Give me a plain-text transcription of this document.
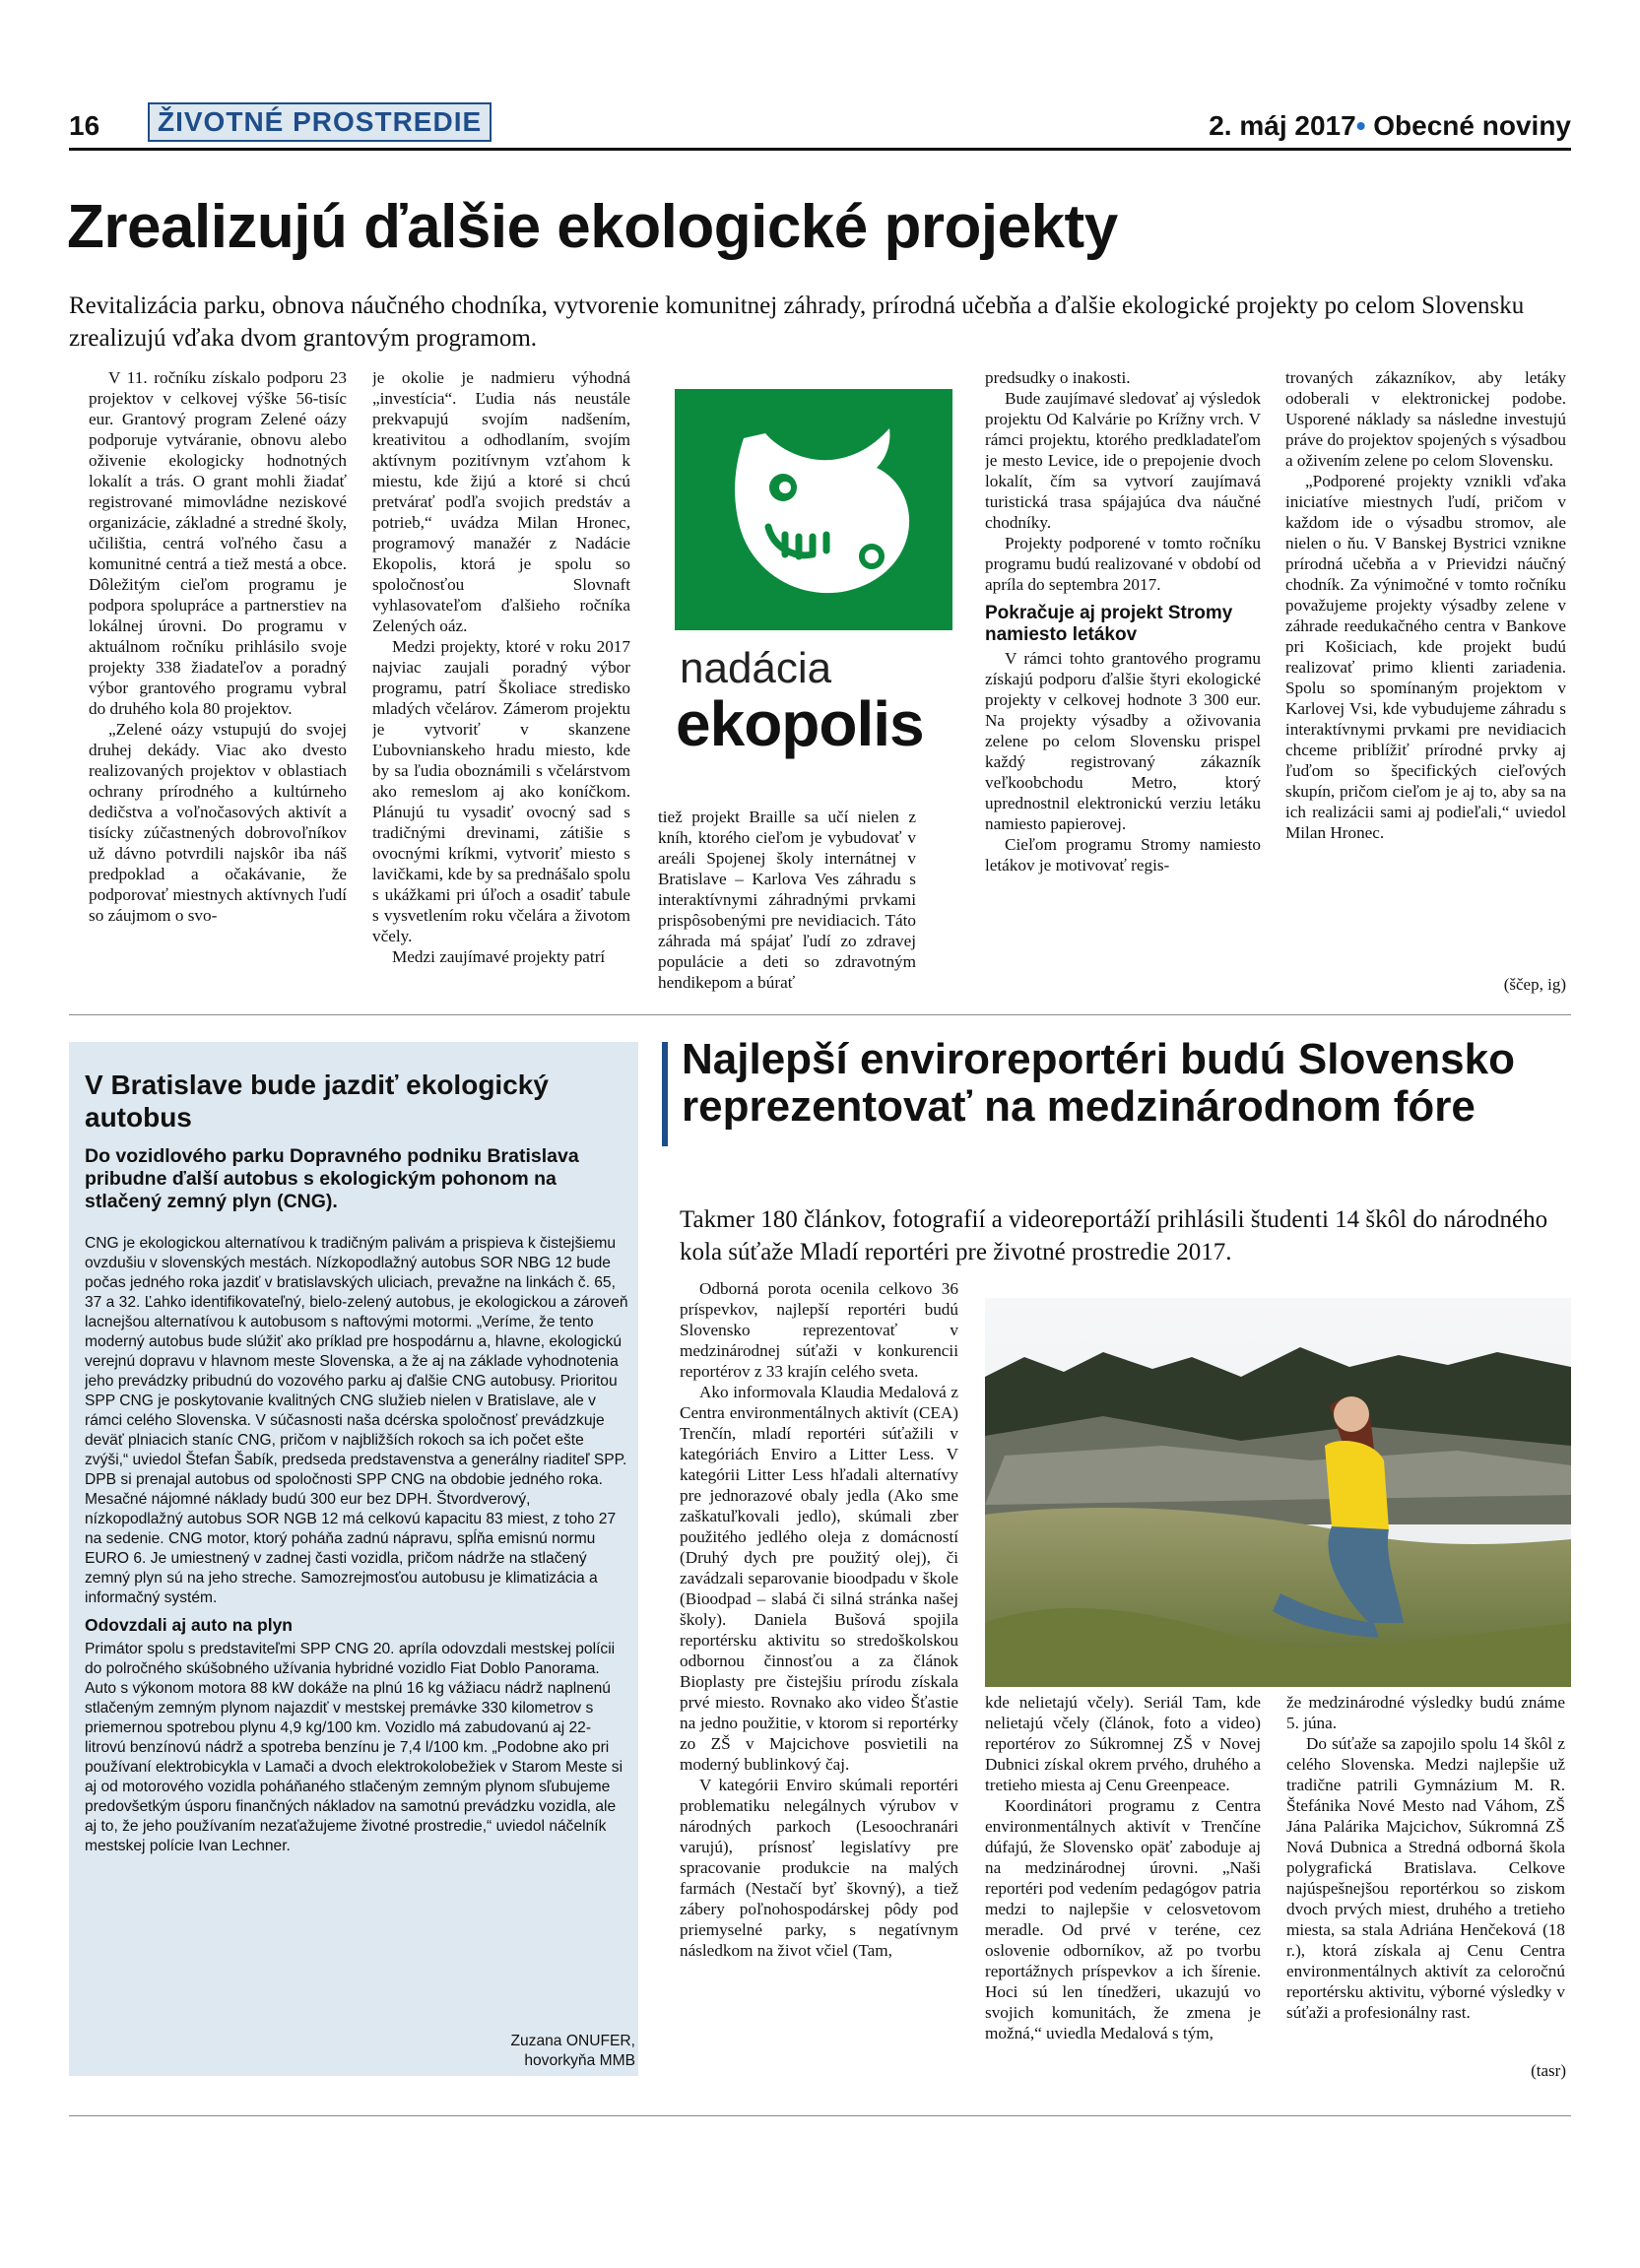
16	ŽIVOTNÉ PROSTREDIE	2. máj 2017• Obecné noviny
Zrealizujú ďalšie ekologické projekty
Revitalizácia parku, obnova náučného chodníka, vytvorenie komunitnej záhrady, prírodná učebňa a ďalšie ekologické projekty po celom Slovensku zrealizujú vďaka dvom grantovým programom.

V 11. ročníku získalo podporu 23 projektov v celkovej výške 56-tisíc eur. Grantový program Zelené oázy podporuje vytváranie, obnovu alebo oživenie ekologicky hodnotných lokalít a trás. O grant mohli žiadať registrované mimovládne neziskové organizácie, základné a stredné školy, učilištia, centrá voľného času a komunitné centrá a tiež mestá a obce. Dôležitým cieľom programu je podpora spolupráce a partnerstiev na lokálnej úrovni. Do programu v aktuálnom ročníku prihlásilo svoje projekty 338 žiadateľov a poradný výbor grantového programu vybral do druhého kola 80 projektov.

„Zelené oázy vstupujú do svojej druhej dekády. Viac ako dvesto realizovaných projektov v oblastiach ochrany prírodného a kultúrneho dedičstva a voľnočasových aktivít a tisícky zúčastnených dobrovoľníkov už dávno potvrdili najskôr iba náš predpoklad a očakávanie, že podporovať miestnych aktívnych ľudí so záujmom o svo-

je okolie je nadmieru výhodná „investícia“. Ľudia nás neustále prekvapujú svojím nadšením, kreativitou a odhodlaním, svojím aktívnym pozitívnym vzťahom k miestu, kde žijú a ktoré si chcú pretvárať podľa svojich predstáv a potrieb,“ uvádza Milan Hronec, programový manažér z Nadácie Ekopolis, ktorá je spolu so spoločnosťou Slovnaft vyhlasovateľom ďalšieho ročníka Zelených oáz.

Medzi projekty, ktoré v roku 2017 najviac zaujali poradný výbor programu, patrí Školiace stredisko mladých včelárov. Zámerom projektu je vytvoriť v skanzene Ľubovnianskeho hradu miesto, kde by sa ľudia oboznámili s včelárstvom ako remeslom aj ako koníčkom. Plánujú tu vysadiť ovocný sad s tradičnými drevinami, zátišie s ovocnými kríkmi, vytvoriť miesto s lavičkami, kde by sa prednášalo spolu s ukážkami pri úľoch a osadiť tabule s vysvetlením roku včelára a životom včely.

Medzi zaujímavé projekty patrí

nadácia
ekopolis

tiež projekt Braille sa učí nielen z kníh, ktorého cieľom je vybudovať v areáli Spojenej školy internátnej v Bratislave – Karlova Ves záhradu s interaktívnymi záhradnými prvkami prispôsobenými pre nevidiacich. Táto záhrada má spájať ľudí zo zdravej populácie a deti so zdravotným hendikepom a búrať

predsudky o inakosti.

Bude zaujímavé sledovať aj výsledok projektu Od Kalvárie po Krížny vrch. V rámci projektu, ktorého predkladateľom je mesto Levice, ide o prepojenie dvoch lokalít, čím sa vytvorí zaujímavá turistická trasa spájajúca dva náučné chodníky.

Projekty podporené v tomto ročníku programu budú realizované v období od apríla do septembra 2017.

Pokračuje aj projekt Stromy namiesto letákov

V rámci tohto grantového programu získajú podporu ďalšie štyri ekologické projekty v celkovej hodnote 3 300 eur. Na projekty výsadby a oživovania zelene po celom Slovensku prispel každý registrovaný zákazník veľkoobchodu Metro, ktorý uprednostnil elektronickú verziu letáku namiesto papierovej.

Cieľom programu Stromy namiesto letákov je motivovať regis-

trovaných zákazníkov, aby letáky odoberali v elektronickej podobe. Usporené náklady sa následne investujú práve do projektov spojených s výsadbou a oživením zelene po celom Slovensku.

„Podporené projekty vznikli vďaka iniciatíve miestnych ľudí, pričom v každom ide o výsadbu stromov, ale nielen o ňu. V Banskej Bystrici vznikne prírodná učebňa a v Prievidzi náučný chodník. Za výnimočné v tomto ročníku považujeme projekty výsadby zelene v záhrade reedukačného centra v Bankove pri Košiciach, kde projekt budú realizovať primo klienti zariadenia. Spolu so spomínaným projektom v Karlovej Vsi, kde vybudujeme záhradu s interaktívnymi prvkami pre nevidiacich chceme priblížiť prírodné prvky aj ľuďom so špecifických cieľových skupín, pričom cieľom je aj to, aby sa na ich realizácii sami aj podieľali,“ uviedol Milan Hronec.

(ščep, ig)
V Bratislave bude jazdiť ekologický autobus
Do vozidlového parku Dopravného podniku Bratislava pribudne ďalší autobus s ekologickým pohonom na stlačený zemný plyn (CNG).

CNG je ekologickou alternatívou k tradičným palivám a prispieva k čistejšiemu ovzdušiu v slovenských mestách. Nízkopodlažný autobus SOR NBG 12 bude počas jedného roka jazdiť v bratislavských uliciach, prevažne na linkách č. 65, 37 a 32. Ľahko identifikovateľný, bielo-zelený autobus, je ekologickou a zároveň lacnejšou alternatívou k autobusom s naftovými motormi. „Veríme, že tento moderný autobus bude slúžiť ako príklad pre hospodárnu a, hlavne, ekologickú verejnú dopravu v hlavnom meste Slovenska, a že aj na základe vyhodnotenia jeho prevádzky pribudnú do vozového parku aj ďalšie CNG autobusy. Prioritou SPP CNG je poskytovanie kvalitných CNG služieb nielen v Bratislave, ale v rámci celého Slovenska. V súčasnosti naša dcérska spoločnosť prevádzkuje deväť plniacich staníc CNG, pričom v najbližších rokoch sa ich počet ešte zvýši,“ uviedol Štefan Šabík, predseda predstavenstva a generálny riaditeľ SPP.

DPB si prenajal autobus od spoločnosti SPP CNG na obdobie jedného roka. Mesačné nájomné náklady budú 300 eur bez DPH. Štvordverový, nízkopodlažný autobus SOR NGB 12 má celkovú kapacitu 83 miest, z toho 27 na sedenie. CNG motor, ktorý poháňa zadnú nápravu, spĺňa emisnú normu EURO 6. Je umiestnený v zadnej časti vozidla, pričom nádrže na stlačený zemný plyn sú na jeho streche. Samozrejmosťou autobusu je klimatizácia a informačný systém.

Odovzdali aj auto na plyn

Primátor spolu s predstaviteľmi SPP CNG 20. apríla odovzdali mestskej polícii do polročného skúšobného užívania hybridné vozidlo Fiat Doblo Panorama. Auto s výkonom motora 88 kW dokáže na plnú 16 kg vážiacu nádrž naplnenú stlačeným zemným plynom najazdiť v mestskej premávke 330 kilometrov s priemernou spotrebou plynu 4,9 kg/100 km. Vozidlo má zabudovanú aj 22-litrovú benzínovú nádrž a spotreba benzínu je 7,4 l/100 km. „Podobne ako pri používaní elektrobicykla v Lamači a dvoch elektrokolobežiek v Starom Meste si aj od motorového vozidla poháňaného stlačeným zemným plynom sľubujeme predovšetkým úsporu finančných nákladov na samotnú prevádzku vozidla, ale aj to, že jeho používaním nezaťažujeme životné prostredie,“ uviedol náčelník mestskej polície Ivan Lechner.

Zuzana ONUFER,
hovorkyňa MMB
Najlepší enviroreportéri budú Slovensko reprezentovať na medzinárodnom fóre
Takmer 180 článkov, fotografií a videoreportáží prihlásili študenti 14 škôl do národného kola súťaže Mladí reportéri pre životné prostredie 2017.

Odborná porota ocenila celkovo 36 príspevkov, najlepší reportéri budú Slovensko reprezentovať v medzinárodnej súťaži v konkurencii reportérov z 33 krajín celého sveta.

Ako informovala Klaudia Medalová z Centra environmentálnych aktivít (CEA) Trenčín, mladí reportéri súťažili v kategóriách Enviro a Litter Less. V kategórii Litter Less hľadali alternatívy pre jednorazové obaly jedla (Ako sme zaškatuľkovali jedlo), skúmali zber použitého jedlého oleja z domácností (Druhý dych pre použitý olej), či zavádzali separovanie bioodpadu v škole (Bioodpad – slabá či silná stránka našej školy). Daniela Bušová spojila reportérsku aktivitu so stredoškolskou odbornou činnosťou a za článok Bioplasty pre čistejšiu prírodu získala prvé miesto. Rovnako ako video Šťastie na jedno použitie, v ktorom si reportérky zo ZŠ v Majcichove posvietili na moderný bublinkový čaj.

V kategórii Enviro skúmali reportéri problematiku nelegálnych výrubov v národných parkoch (Lesoochranári varujú), prísnosť legislatívy pre spracovanie produkcie na malých farmách (Nestačí byť škovný), a tiež zábery poľnohospodárskej pôdy pod priemyselné parky, s negatívnym následkom na život včiel (Tam,

kde nelietajú včely). Seriál Tam, kde nelietajú včely (článok, foto a video) reportérov zo Súkromnej ZŠ v Novej Dubnici získal okrem prvého, druhého a tretieho miesta aj Cenu Greenpeace.

Koordinátori programu z Centra environmentálnych aktivít v Trenčíne dúfajú, že Slovensko opäť zaboduje aj na medzinárodnej úrovni. „Naši reportéri pod vedením pedagógov patria medzi to najlepšie v celosvetovom meradle. Od prvé v teréne, cez oslovenie odborníkov, až po tvorbu reportážnych príspevkov a ich šírenie. Hoci sú len tínedžeri, ukazujú vo svojich komunitách, že zmena je možná,“ uviedla Medalová s tým,

že medzinárodné výsledky budú známe 5. júna.

Do súťaže sa zapojilo spolu 14 škôl z celého Slovenska. Medzi najlepšie už tradične patrili Gymnázium M. R. Štefánika Nové Mesto nad Váhom, ZŠ Jána Palárika Majcichov, Súkromná ZŠ Nová Dubnica a Stredná odborná škola polygrafická Bratislava. Celkove najúspešnejšou reportérkou so ziskom dvoch prvých miest, druhého a tretieho miesta, sa stala Adriána Henčeková (18 r.), ktorá získala aj Cenu Centra environmentálnych aktivít za celoročnú reportérsku aktivitu, výborné výsledky v súťaži a profesionálny rast.

(tasr)
